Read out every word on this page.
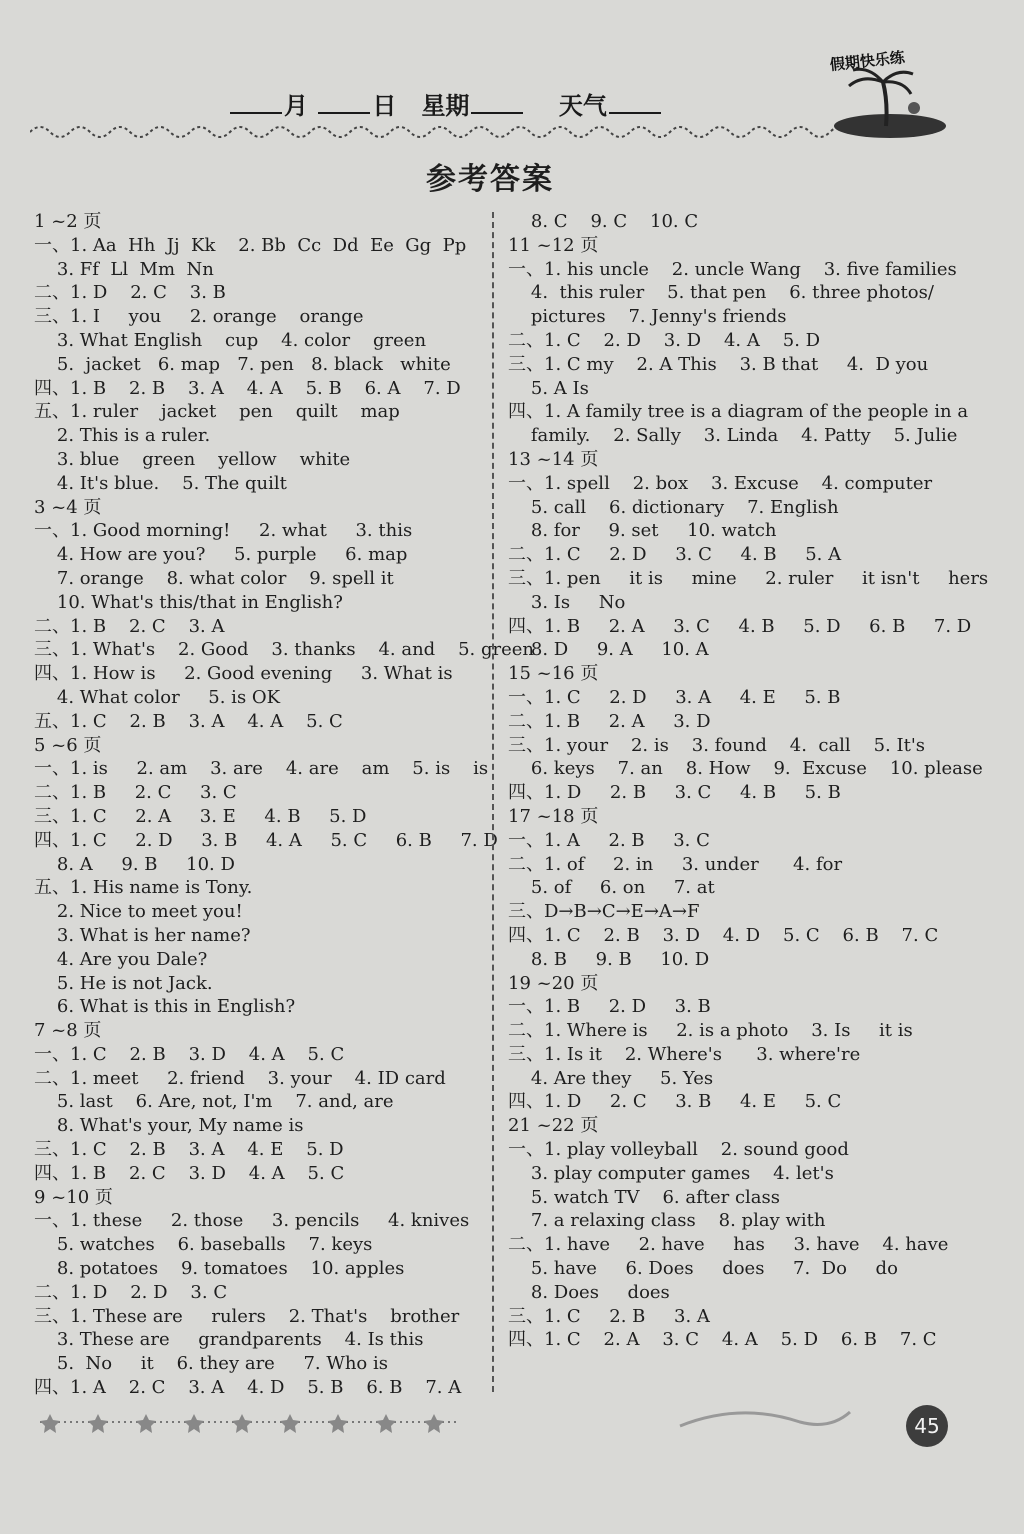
月	日 星期	天气
假期快乐练
参考答案
1 ~2 页
一、1. Aa  Hh  Jj  Kk    2. Bb  Cc  Dd  Ee  Gg  Pp
3. Ff  Ll  Mm  Nn
二、1. D    2. C    3. B
三、1. I     you     2. orange    orange
3. What English    cup    4. color    green
5.  jacket   6. map   7. pen   8. black   white
四、1. B    2. B    3. A    4. A    5. B    6. A    7. D
五、1. ruler    jacket    pen    quilt    map
2. This is a ruler.
3. blue    green    yellow    white
4. It's blue.    5. The quilt
3 ~4 页
一、1. Good morning!     2. what     3. this
4. How are you?     5. purple     6. map
7. orange    8. what color    9. spell it
10. What's this/that in English?
二、1. B    2. C    3. A
三、1. What's    2. Good    3. thanks    4. and    5. green
四、1. How is     2. Good evening     3. What is
4. What color     5. is OK
五、1. C    2. B    3. A    4. A    5. C
5 ~6 页
一、1. is     2. am    3. are    4. are    am    5. is    is
二、1. B     2. C     3. C
三、1. C     2. A     3. E     4. B     5. D
四、1. C     2. D     3. B     4. A     5. C     6. B     7. D
8. A     9. B     10. D
五、1. His name is Tony.
2. Nice to meet you!
3. What is her name?
4. Are you Dale?
5. He is not Jack.
6. What is this in English?
7 ~8 页
一、1. C    2. B    3. D    4. A    5. C
二、1. meet     2. friend    3. your    4. ID card
5. last    6. Are, not, I'm    7. and, are
8. What's your, My name is
三、1. C    2. B    3. A    4. E    5. D
四、1. B    2. C    3. D    4. A    5. C
9 ~10 页
一、1. these     2. those     3. pencils     4. knives
5. watches    6. baseballs    7. keys
8. potatoes    9. tomatoes    10. apples
二、1. D    2. D    3. C
三、1. These are     rulers    2. That's    brother
3. These are     grandparents    4. Is this
5.  No     it    6. they are     7. Who is
四、1. A    2. C    3. A    4. D    5. B    6. B    7. A
8. C    9. C    10. C
11 ~12 页
一、1. his uncle    2. uncle Wang    3. five families
4.  this ruler    5. that pen    6. three photos/
pictures    7. Jenny's friends
二、1. C    2. D    3. D    4. A    5. D
三、1. C my    2. A This    3. B that     4.  D you
5. A Is
四、1. A family tree is a diagram of the people in a
family.    2. Sally    3. Linda    4. Patty    5. Julie
13 ~14 页
一、1. spell    2. box    3. Excuse    4. computer
5. call    6. dictionary    7. English
8. for     9. set     10. watch
二、1. C     2. D     3. C     4. B     5. A
三、1. pen     it is     mine     2. ruler     it isn't     hers
3. Is     No
四、1. B     2. A     3. C     4. B     5. D     6. B     7. D
8. D     9. A     10. A
15 ~16 页
一、1. C     2. D     3. A     4. E     5. B
二、1. B     2. A     3. D
三、1. your    2. is    3. found    4.  call    5. It's
6. keys    7. an    8. How    9.  Excuse    10. please
四、1. D     2. B     3. C     4. B     5. B
17 ~18 页
一、1. A     2. B     3. C
二、1. of     2. in     3. under      4. for
5. of     6. on     7. at
三、D→B→C→E→A→F
四、1. C    2. B    3. D    4. D    5. C    6. B    7. C
8. B     9. B     10. D
19 ~20 页
一、1. B     2. D     3. B
二、1. Where is     2. is a photo    3. Is     it is
三、1. Is it    2. Where's      3. where're
4. Are they     5. Yes
四、1. D     2. C     3. B     4. E     5. C
21 ~22 页
一、1. play volleyball    2. sound good
3. play computer games    4. let's
5. watch TV    6. after class
7. a relaxing class    8. play with
二、1. have     2. have     has     3. have    4. have
5. have     6. Does     does     7.  Do     do
8. Does     does
三、1. C     2. B     3. A
四、1. C    2. A    3. C    4. A    5. D    6. B    7. C
45
